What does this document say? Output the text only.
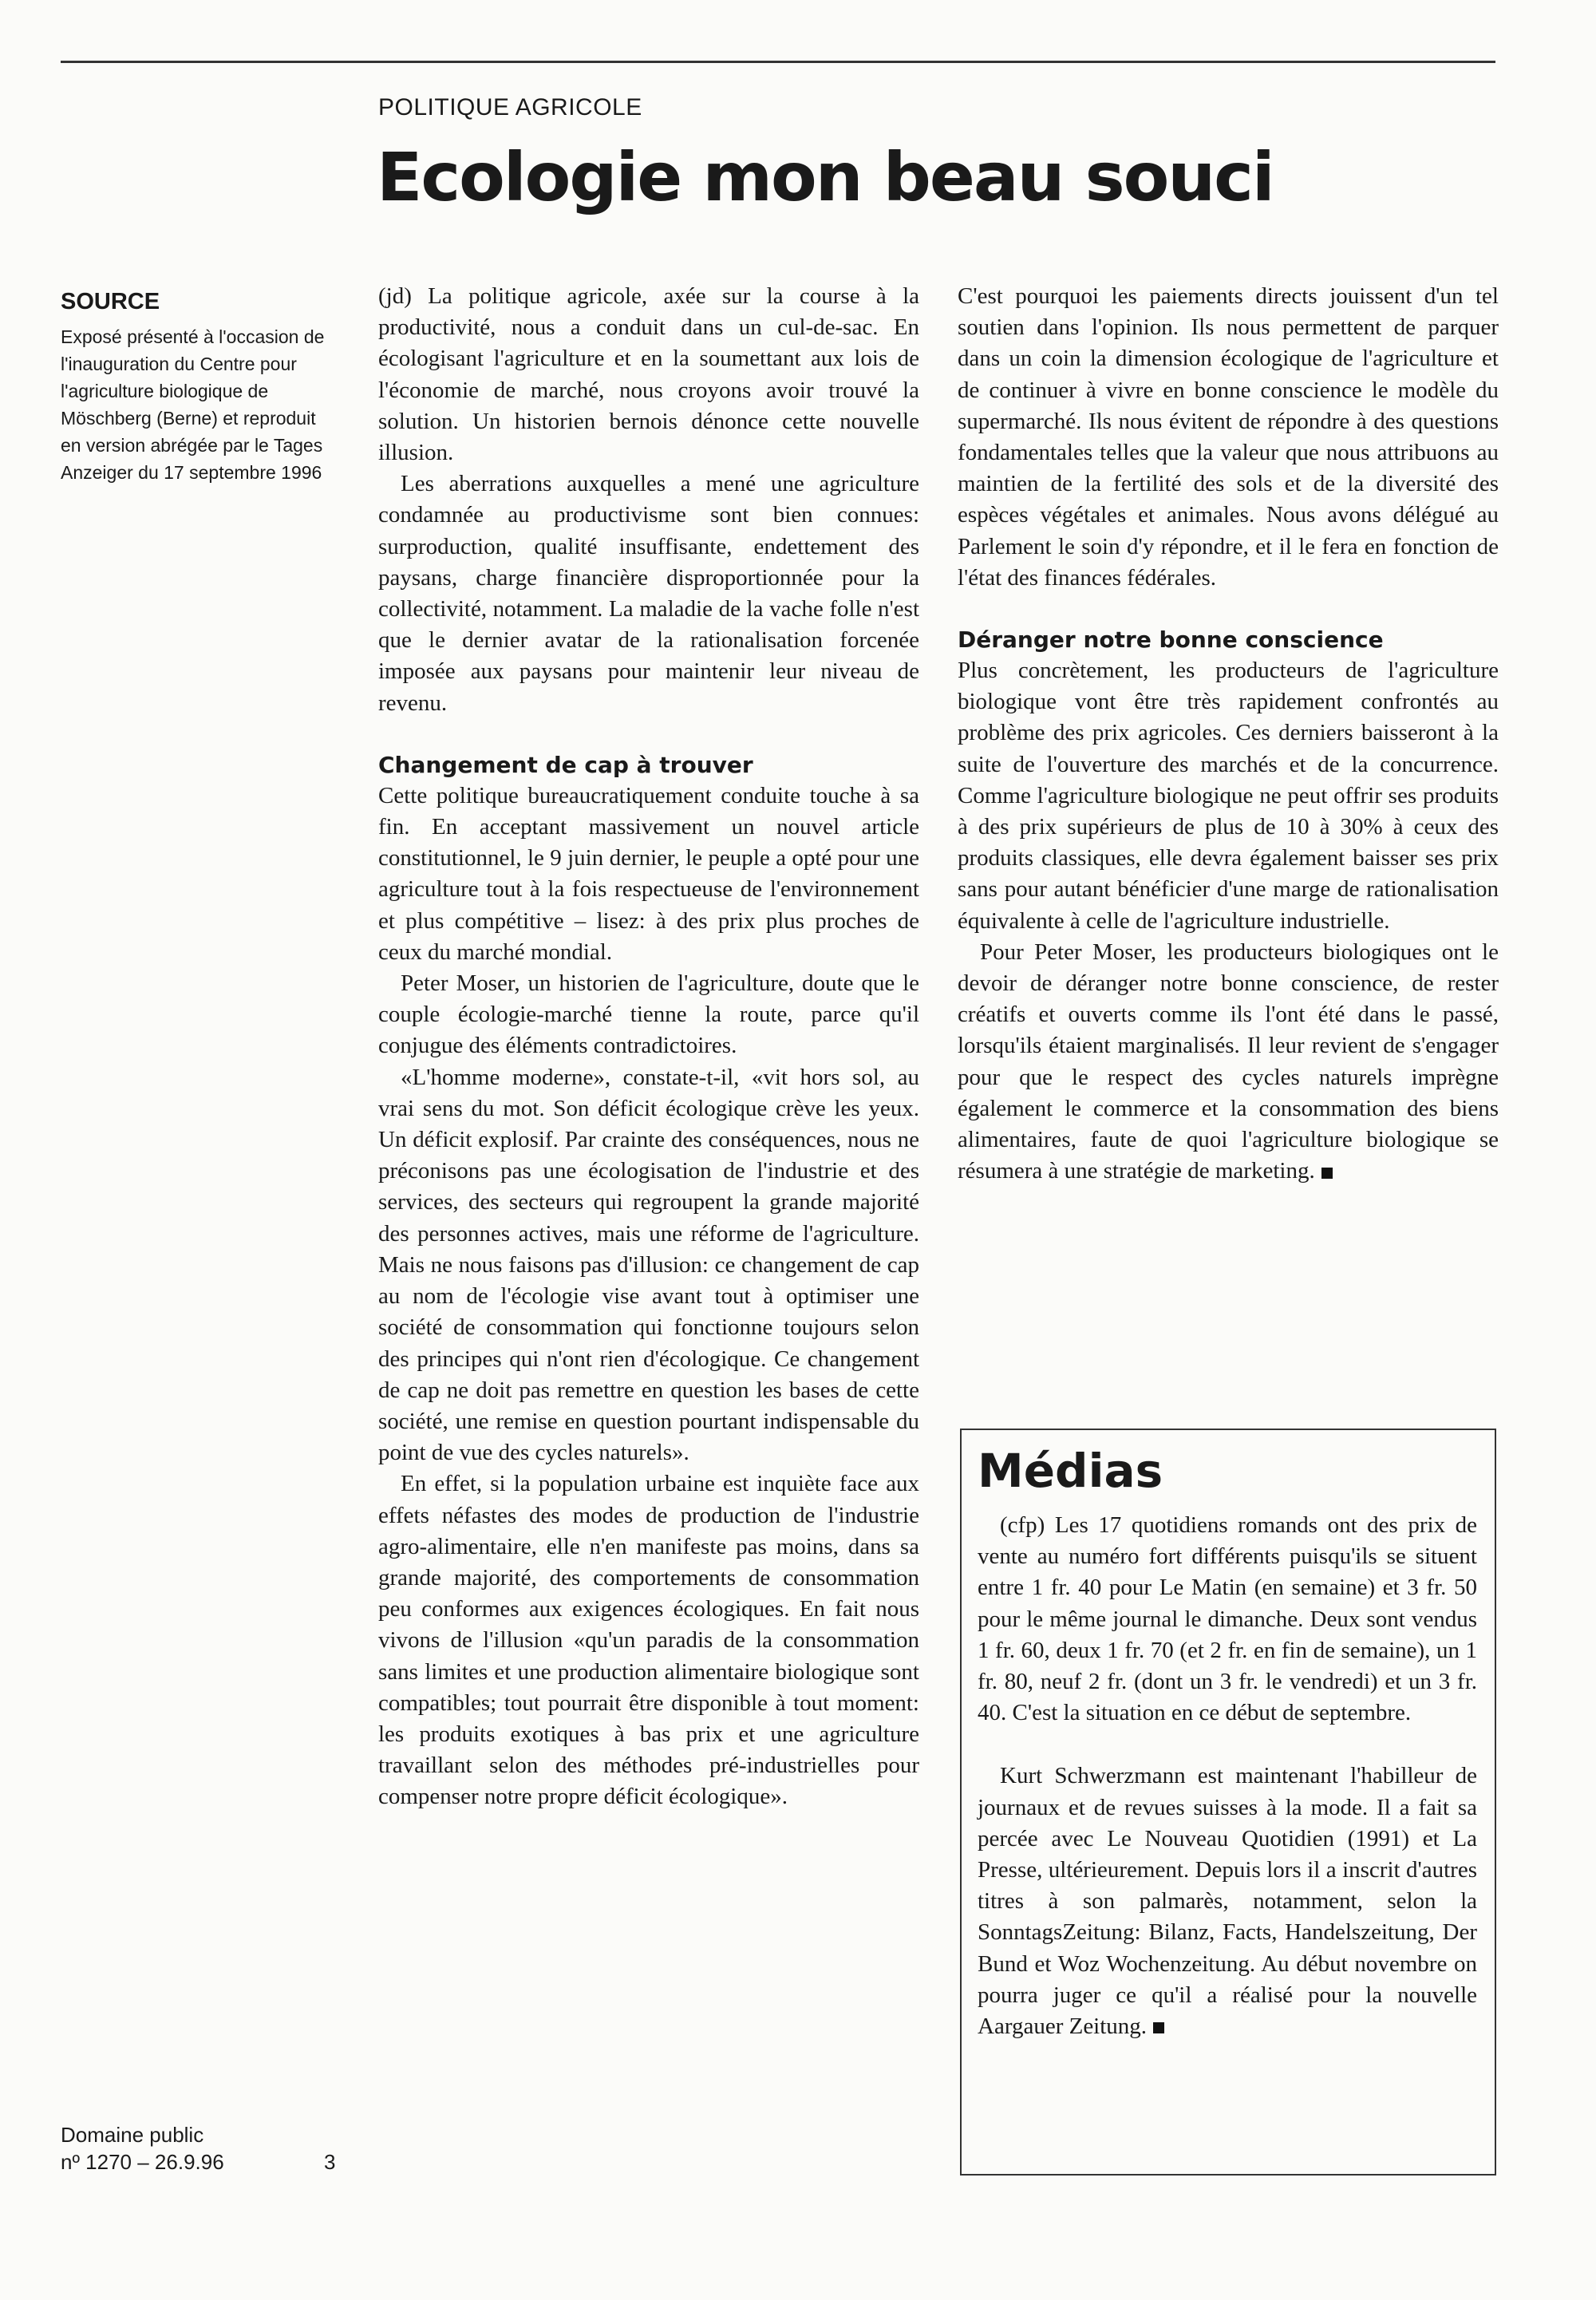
POLITIQUE AGRICOLE
Ecologie mon beau souci

SOURCE

Exposé présenté à l'occasion de l'inauguration du Centre pour l'agriculture biologique de Möschberg (Berne) et reproduit en version abrégée par le Tages Anzeiger du 17 septembre 1996

Domaine public
nº 1270 – 26.9.96	3

(jd) La politique agricole, axée sur la course à la productivité, nous a conduit dans un cul-de-sac. En écologisant l'agriculture et en la soumettant aux lois de l'économie de marché, nous croyons avoir trouvé la solution. Un historien bernois dénonce cette nouvelle illusion.

Les aberrations auxquelles a mené une agriculture condamnée au productivisme sont bien connues: surproduction, qualité insuffisante, endettement des paysans, charge financière disproportionnée pour la collectivité, notamment. La maladie de la vache folle n'est que le dernier avatar de la rationalisation forcenée imposée aux paysans pour maintenir leur niveau de revenu.

Changement de cap à trouver

Cette politique bureaucratiquement conduite touche à sa fin. En acceptant massivement un nouvel article constitutionnel, le 9 juin dernier, le peuple a opté pour une agriculture tout à la fois respectueuse de l'environnement et plus compétitive – lisez: à des prix plus proches de ceux du marché mondial.

Peter Moser, un historien de l'agriculture, doute que le couple écologie-marché tienne la route, parce qu'il conjugue des éléments contradictoires.

«L'homme moderne», constate-t-il, «vit hors sol, au vrai sens du mot. Son déficit écologique crève les yeux. Un déficit explosif. Par crainte des conséquences, nous ne préconisons pas une écologisation de l'industrie et des services, des secteurs qui regroupent la grande majorité des personnes actives, mais une réforme de l'agriculture. Mais ne nous faisons pas d'illusion: ce changement de cap au nom de l'écologie vise avant tout à optimiser une société de consommation qui fonctionne toujours selon des principes qui n'ont rien d'écologique. Ce changement de cap ne doit pas remettre en question les bases de cette société, une remise en question pourtant indispensable du point de vue des cycles naturels».

En effet, si la population urbaine est inquiète face aux effets néfastes des modes de production de l'industrie agro-alimentaire, elle n'en manifeste pas moins, dans sa grande majorité, des comportements de consommation peu conformes aux exigences écologiques. En fait nous vivons de l'illusion «qu'un paradis de la consommation sans limites et une production alimentaire biologique sont compatibles; tout pourrait être disponible à tout moment: les produits exotiques à bas prix et une agriculture travaillant selon des méthodes pré-industrielles pour compenser notre propre déficit écologique».

C'est pourquoi les paiements directs jouissent d'un tel soutien dans l'opinion. Ils nous permettent de parquer dans un coin la dimension écologique de l'agriculture et de continuer à vivre en bonne conscience le modèle du supermarché. Ils nous évitent de répondre à des questions fondamentales telles que la valeur que nous attribuons au maintien de la fertilité des sols et de la diversité des espèces végétales et animales. Nous avons délégué au Parlement le soin d'y répondre, et il le fera en fonction de l'état des finances fédérales.

Déranger notre bonne conscience

Plus concrètement, les producteurs de l'agriculture biologique vont être très rapidement confrontés au problème des prix agricoles. Ces derniers baisseront à la suite de l'ouverture des marchés et de la concurrence. Comme l'agriculture biologique ne peut offrir ses produits à des prix supérieurs de plus de 10 à 30% à ceux des produits classiques, elle devra également baisser ses prix sans pour autant bénéficier d'une marge de rationalisation équivalente à celle de l'agriculture industrielle.

Pour Peter Moser, les producteurs biologiques ont le devoir de déranger notre bonne conscience, de rester créatifs et ouverts comme ils l'ont été dans le passé, lorsqu'ils étaient marginalisés. Il leur revient de s'engager pour que le respect des cycles naturels imprègne également le commerce et la consommation des biens alimentaires, faute de quoi l'agriculture biologique se résumera à une stratégie de marketing.

Médias

(cfp) Les 17 quotidiens romands ont des prix de vente au numéro fort différents puisqu'ils se situent entre 1 fr. 40 pour Le Matin (en semaine) et 3 fr. 50 pour le même journal le dimanche. Deux sont vendus 1 fr. 60, deux 1 fr. 70 (et 2 fr. en fin de semaine), un 1 fr. 80, neuf 2 fr. (dont un 3 fr. le vendredi) et un 3 fr. 40. C'est la situation en ce début de septembre.

Kurt Schwerzmann est maintenant l'habilleur de journaux et de revues suisses à la mode. Il a fait sa percée avec Le Nouveau Quotidien (1991) et La Presse, ultérieurement. Depuis lors il a inscrit d'autres titres à son palmarès, notamment, selon la SonntagsZeitung: Bilanz, Facts, Handelszeitung, Der Bund et Woz Wochenzeitung. Au début novembre on pourra juger ce qu'il a réalisé pour la nouvelle Aargauer Zeitung.
